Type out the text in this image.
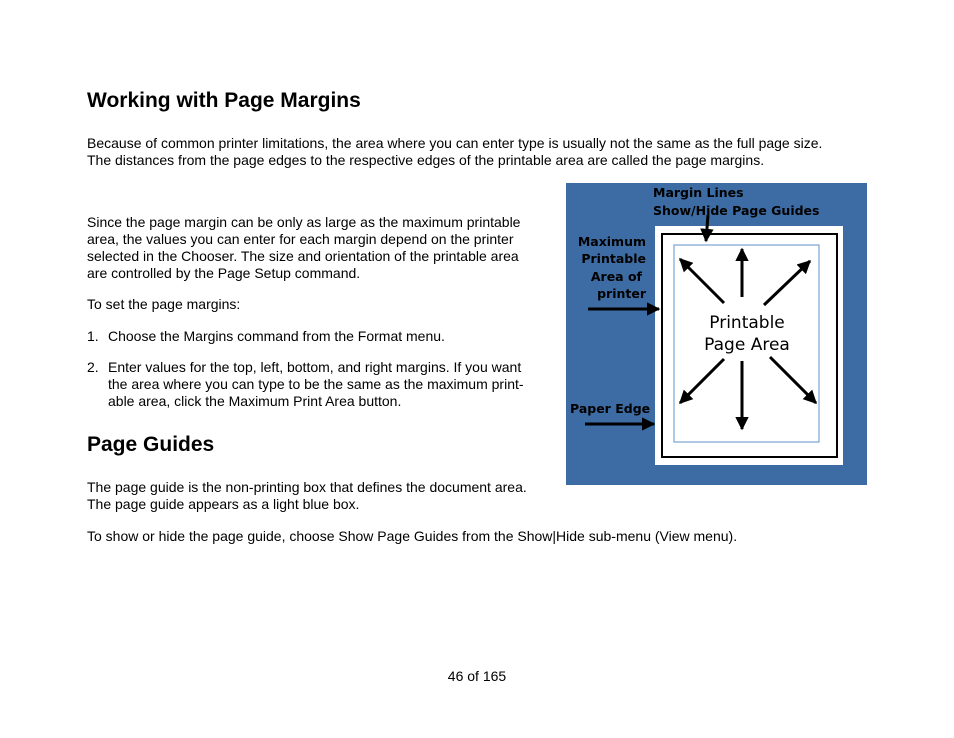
Working with Page Margins

Because of common printer limitations, the area where you can enter type is usually not the same as the full page size.

The distances from the page edges to the respective edges of the printable area are called the page margins.

Since the page margin can be only as large as the maximum printable

area, the values you can enter for each margin depend on the printer

selected in the Chooser. The size and orientation of the printable area

are controlled by the Page Setup command.

To set the page margins:

1. Choose the Margins command from the Format menu.
2. Enter values for the top, left, bottom, and right margins. If you want
the area where you can type to be the same as the maximum print-
able area, click the Maximum Print Area button.
Page Guides

The page guide is the non-printing box that defines the document area.

The page guide appears as a light blue box.

To show or hide the page guide, choose Show Page Guides from the Show|Hide sub-menu (View menu).

Margin Lines
Show/Hide Page Guides
Maximum
Printable
Area of
printer
Printable
Page Area
Paper Edge
46 of 165
